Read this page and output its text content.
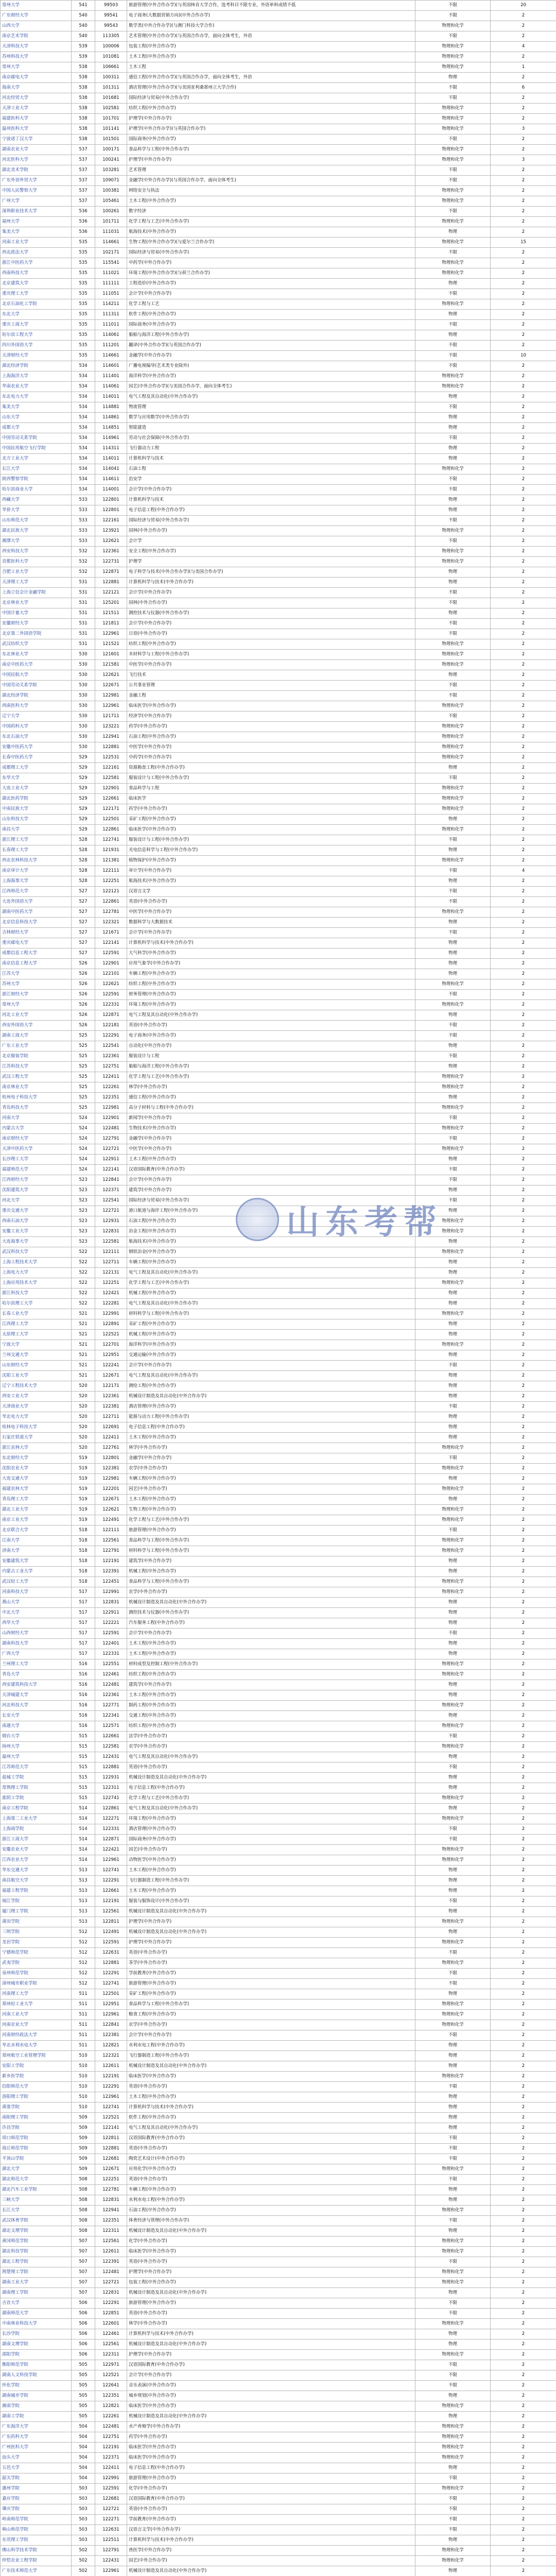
常州大学	541	99503	旅游管理(中外合作办学)(与英国林肯大学合作，选考科目不限专业，外语单科成绩不低	不限	20
广东财经大学	540	99541	电子商务(大数据营销方向)(中外合作办学)	不限	2
山西大学	540	99543	数学类(中外合作办学)(与澳门科技大学合作)	物理和化学	2
南京艺术学院	540	113305	艺术管理(中外合作办学)(与英国合作办学，面向全体考生，外语	不限	2
天津科技大学	539	100006	包装工程(中外合作办学)	物理和化学	4
苏州科技大学	539	101081	土木工程(中外合作办学)	物理和化学	2
常州大学	538	106661	土木工程	物理和化学	1
南京邮电大学	538	100311	通信工程(中外合作办学)(与英国合作办学，面向全体考生，外语	物理	2
海南大学	538	101311	酒店管理(中外合作办学)(与美国亚利桑那州立大学合作)	不限	6
河北经贸大学	538	101681	国际经济与贸易(中外合作办学)	不限	2
天津工业大学	538	102581	纺织工程(中外合作办学)	物理和化学	2
福建医科大学	538	101701	护理学(中外合作办学)	物理和化学	2
温州医科大学	538	101141	护理学(中外合作办学)(与英国合作办学)	物理和化学	3
宁波诺丁汉大学	538	101501	国际商务(中外合作办学)	不限	2
湖南农业大学	537	100171	食品科学与工程(中外合作办学)	物理和化学	2
河北医科大学	537	100241	护理学(中外合作办学)	物理和化学	3
湖北美术学院	537	103281	艺术管理	不限	2
广东外语外贸大学	537	109071	金融学(中外合作办学)(与英国合作办学，面向全体考生)	不限	2
中国人民警察大学	537	100381	网络安全与执法	物理和化学	2
广州大学	537	105461	土木工程(中外合作办学)	物理和化学	2
深圳职业技术大学	536	100261	数字经济	不限	2
福州大学	536	101711	化学工程与工艺(中外合作办学)	物理和化学	2
集美大学	536	111031	航海技术(中外合作办学)	物理	2
河南工业大学	535	114661	生物工程(中外合作办学)(与爱尔兰合作办学)	物理和化学	15
西北政法大学	535	102171	国际经济与贸易(中外合作办学)	不限	2
浙江中医药大学	535	115541	中药学(中外合作办学)	物理和化学	2
西南科技大学	535	111021	环境工程(中外合作办学)(与荷兰合作办学)	物理和化学	2
北京建筑大学	535	111111	工程造价(中外合作办学)	物理	2
重庆理工大学	535	111051	会计学(中外合作办学)	不限	2
北京石油化工学院	535	114211	化学工程与工艺	物理和化学	2
东北大学	535	111311	软件工程(中外合作办学)	物理	2
重庆工商大学	535	111011	国际商务(中外合作办学)	不限	2
哈尔滨工程大学	535	114061	船舶与海洋工程(中外合作办学)	物理	2
四川外国语大学	535	111201	翻译(中外合作办学)(与英国合作办学)	不限	2
天津财经大学	535	114661	金融学(中外合作办学)	不限	10
湖北经济学院	534	114601	广播电视编导(艺术类专业除外)	不限	2
上海海洋大学	534	111401	海洋科学(中外合作办学)	物理和化学	2
华南农业大学	534	114061	园艺(中外合作办学)(与美国合作办学，面向全体考生)	物理和化学	2
东北电力大学	534	114011	电气工程及其自动化(中外合作办学)	物理	2
集美大学	534	114881	物流管理	不限	2
山东大学	534	114861	数学与应用数学(中外合作办学)	物理	2
成都大学	534	114851	智能建造	物理	2
中国劳动关系学院	534	114961	劳动与社会保障(中外合作办学)	不限	2
中国民用航空飞行学院	534	114311	飞行器动力工程	物理	2
北方工业大学	534	114011	计算机科学与技术	物理	2
长江大学	534	114041	石油工程	物理和化学	2
陕西警察学院	534	114611	治安学	不限	2
哈尔滨商业大学	534	114001	会计学(中外合作办学)	不限	2
西藏大学	533	122801	计算机科学与技术	物理	2
华侨大学	533	122801	电子信息工程(中外合作办学)	物理	2
山东师范大学	533	122161	国际经济与贸易(中外合作办学)	不限	2
湖北民族大学	533	123921	园林(中外合作办学)	物理和化学	2
湘潭大学	533	122621	会计学	不限	2
西安科技大学	532	122361	安全工程(中外合作办学)	物理和化学	2
首都医科大学	532	122731	护理学	物理和化学	2
合肥工业大学	532	122871	电子科学与技术(中外合作办学)(与美国合作办学)	物理	2
天津理工大学	531	122881	计算机科学与技术(中外合作办学)	物理	2
上海立信会计金融学院	531	122121	会计学(中外合作办学)	不限	2
北京林业大学	531	125201	园林(中外合作办学)	不限	2
中国计量大学	531	121511	测控技术与仪器(中外合作办学)	物理	2
安徽财经大学	531	121811	会计学(中外合作办学)	不限	2
北京第二外国语学院	531	122961	日语(中外合作办学)	不限	2
武汉纺织大学	531	121521	纺织工程(中外合作办学)	物理和化学	2
东北林业大学	530	121601	木材科学与工程(中外合作办学)	物理和化学	2
南京中医药大学	530	121581	中医学(中外合作办学)	物理和化学	2
中国民航大学	530	122621	飞行技术	物理	2
中国劳动关系学院	530	122671	公共事业管理	不限	2
湖北经济学院	530	122981	金融工程	不限	2
西南医科大学	530	122961	临床医学(中外合作办学)	物理和化学	2
辽宁大学	530	121711	经济学(中外合作办学)	不限	2
中国药科大学	530	123221	药学(中外合作办学)	物理和化学	2
东北石油大学	530	122941	石油工程(中外合作办学)	物理和化学	2
安徽中医药大学	530	122881	中医学(中外合作办学)	物理和化学	2
长春中医药大学	529	122531	中药学(中外合作办学)	物理和化学	2
成都理工大学	529	122161	资源勘查工程(中外合作办学)	物理	2
东华大学	529	122581	服装设计与工程(中外合作办学)	不限	2
大连工业大学	529	122901	食品科学与工程	物理和化学	2
湖北医药学院	529	122661	临床医学	物理和化学	2
中南民族大学	529	122171	药学(中外合作办学)	物理和化学	2
山东科技大学	529	122501	采矿工程(中外合作办学)	物理	2
南昌大学	529	122861	临床医学(中外合作办学)	物理和化学	2
浙江理工大学	528	122741	服装设计与工程(中外合作办学)	不限	2
长春理工大学	528	121931	光电信息科学与工程(中外合作办学)	物理	2
西北农林科技大学	528	121381	植物保护(中外合作办学)	物理和化学	2
南京审计大学	528	122111	审计学(中外合作办学)	不限	4
上海海事大学	528	122251	航海技术(中外合作办学)	物理	2
江西师范大学	527	122121	汉语言文学	不限	2
大连外国语大学	527	122861	英语(中外合作办学)	不限	2
湖南中医药大学	527	122781	中医学(中外合作办学)	物理和化学	2
北京信息科技大学	527	122321	数据科学与大数据技术	物理	2
吉林财经大学	527	121671	会计学(中外合作办学)	不限	2
重庆邮电大学	527	122141	计算机科学与技术(中外合作办学)	物理	2
成都信息工程大学	527	122591	大气科学(中外合作办学)	物理	2
南京信息工程大学	526	122901	应用气象学(中外合作办学)	物理	2
江苏大学	526	122101	车辆工程(中外合作办学)	物理	2
苏州大学	526	122621	纺织工程(中外合作办学)	物理和化学	2
浙江财经大学	526	122591	财务管理(中外合作办学)	不限	2
常州大学	526	122331	环境工程(中外合作办学)	物理和化学	2
河北工业大学	526	122871	电气工程及其自动化(中外合作办学)	物理	2
西安外国语大学	526	122181	英语(中外合作办学)	不限	2
湖南工商大学	525	122291	电子商务(中外合作办学)	不限	2
广东工业大学	525	122541	自动化(中外合作办学)	物理	2
北京服装学院	525	122361	服装设计与工程	不限	2
江苏科技大学	525	122751	船舶与海洋工程(中外合作办学)	物理	2
武汉工程大学	525	122411	化学工程与工艺(中外合作办学)	物理和化学	2
南京林业大学	525	122261	林学(中外合作办学)	物理和化学	2
杭州电子科技大学	525	122351	通信工程(中外合作办学)	物理	2
青岛科技大学	525	122981	高分子材料与工程(中外合作办学)	物理和化学	2
河南大学	524	122901	新闻学(中外合作办学)	不限	2
内蒙古大学	524	122481	生物技术(中外合作办学)	物理和化学	2
南京财经大学	524	122791	金融学(中外合作办学)	不限	2
天津中医药大学	524	122721	中医学(中外合作办学)	物理和化学	2
长沙理工大学	524	122911	土木工程(中外合作办学)	物理	2
福建师范大学	524	122141	汉语国际教育(中外合作办学)	不限	2
江西财经大学	523	122841	会计学(中外合作办学)	不限	2
沈阳建筑大学	523	122371	建筑学(中外合作办学)	物理	2
河北大学	523	122541	国际经济与贸易(中外合作办学)	不限	2
重庆交通大学	523	122721	港口航道与海岸工程(中外合作办学)	物理	2
西南石油大学	523	122931	石油工程(中外合作办学)	物理和化学	2
安徽工业大学	523	122831	冶金工程(中外合作办学)	物理和化学	2
大连海事大学	523	122581	航海技术(中外合作办学)	物理	2
武汉科技大学	522	122111	钢铁冶金(中外合作办学)	物理和化学	2
上海工程技术大学	522	122711	车辆工程(中外合作办学)	物理	2
上海电力大学	522	122131	电气工程及其自动化(中外合作办学)	物理	2
上海应用技术大学	522	122251	化学工程与工艺(中外合作办学)	物理和化学	2
浙江科技大学	522	122421	机械工程(中外合作办学)	物理	2
哈尔滨理工大学	522	122281	电气工程及其自动化(中外合作办学)	物理	2
长春工业大学	521	122991	材料科学与工程(中外合作办学)	物理和化学	2
江西理工大学	521	122891	采矿工程(中外合作办学)	物理	2
太原理工大学	521	122521	机械工程(中外合作办学)	物理	2
宁波大学	521	122701	海洋科学(中外合作办学)	物理和化学	2
兰州交通大学	521	122951	交通运输(中外合作办学)	物理	2
山东财经大学	521	122241	会计学(中外合作办学)	不限	2
沈阳工业大学	521	122671	电气工程及其自动化(中外合作办学)	物理	2
辽宁工程技术大学	520	122171	测绘工程(中外合作办学)	物理	2
西安工业大学	520	122361	机械设计制造及其自动化(中外合作办学)	物理	2
天津商业大学	520	122381	酒店管理(中外合作办学)	不限	2
华北电力大学	520	122711	能源与动力工程(中外合作办学)	物理	2
桂林电子科技大学	520	122691	电子信息工程(中外合作办学)	物理	2
石家庄铁道大学	520	122411	土木工程(中外合作办学)	物理	2
浙江农林大学	520	122761	林学(中外合作办学)	物理和化学	2
东北财经大学	519	122801	金融学(中外合作办学)	不限	2
沈阳农业大学	519	122381	农学(中外合作办学)	物理和化学	2
大连交通大学	519	122981	车辆工程(中外合作办学)	物理	2
福建农林大学	519	122201	园艺(中外合作办学)	物理和化学	2
青岛理工大学	519	122671	土木工程(中外合作办学)	物理	2
湖北工业大学	519	122621	生物工程(中外合作办学)	物理和化学	2
南京工业大学	519	122491	化学工程与工艺(中外合作办学)	物理和化学	2
北京联合大学	518	122111	旅游管理(中外合作办学)	不限	2
江南大学	518	122561	食品科学与工程(中外合作办学)	物理和化学	2
济南大学	518	122791	材料科学与工程(中外合作办学)	物理和化学	2
安徽建筑大学	518	122191	建筑学(中外合作办学)	物理	2
内蒙古工业大学	518	122391	机械工程(中外合作办学)	物理	2
武汉轻工大学	518	122451	食品科学与工程(中外合作办学)	物理和化学	2
河南科技大学	517	122991	农学(中外合作办学)	物理和化学	2
燕山大学	517	122831	机械设计制造及其自动化(中外合作办学)	物理	2
中北大学	517	122911	测控技术与仪器(中外合作办学)	物理	2
西华大学	517	122221	汽车服务工程(中外合作办学)	物理	2
山西财经大学	517	122591	会计学(中外合作办学)	不限	2
湖南科技大学	517	122401	土木工程(中外合作办学)	物理	2
广西大学	517	122331	土木工程(中外合作办学)	物理	2
兰州理工大学	516	122551	材料成型及控制工程(中外合作办学)	物理和化学	2
青岛大学	516	122461	纺织工程(中外合作办学)	物理和化学	2
西安建筑科技大学	516	122481	建筑学(中外合作办学)	物理	2
天津城建大学	516	122361	土木工程(中外合作办学)	物理	2
河北科技大学	516	122771	制药工程(中外合作办学)	物理和化学	2
长安大学	516	122341	交通工程(中外合作办学)	物理	2
南通大学	516	122571	纺织工程(中外合作办学)	物理和化学	2
烟台大学	515	122661	法学(中外合作办学)	不限	2
扬州大学	515	122581	农学(中外合作办学)	物理和化学	2
温州大学	515	122431	电气工程及其自动化(中外合作办学)	物理	2
江苏师范大学	515	122881	英语(中外合作办学)	不限	2
盐城工学院	515	122931	机械设计制造及其自动化(中外合作办学)	物理	2
常熟理工学院	515	122311	电子信息工程(中外合作办学)	物理	2
淮阴工学院	515	122741	化学工程与工艺(中外合作办学)	物理和化学	2
南京工程学院	514	122861	电气工程及其自动化(中外合作办学)	物理	2
上海第二工业大学	514	122271	环境工程(中外合作办学)	物理和化学	2
上海商学院	514	122331	酒店管理(中外合作办学)	不限	2
浙江工商大学	514	122871	国际商务(中外合作办学)	不限	2
安徽农业大学	514	122421	园艺(中外合作办学)	物理和化学	2
江西农业大学	514	122961	动物医学(中外合作办学)	物理和化学	2
华东交通大学	513	122741	土木工程(中外合作办学)	物理	2
南昌航空大学	513	122291	飞行器制造工程(中外合作办学)	物理	2
福建工程学院	513	122661	土木工程(中外合作办学)	物理	2
闽江学院	513	122191	服装与服饰设计(中外合作办学)	不限	2
厦门理工学院	513	122561	机械设计制造及其自动化(中外合作办学)	物理	2
莆田学院	513	122811	护理学(中外合作办学)	物理和化学	2
三明学院	512	122491	机械设计制造及其自动化(中外合作办学)	物理	2
龙岩学院	512	122591	护理学(中外合作办学)	物理和化学	2
宁德师范学院	512	122631	英语(中外合作办学)	不限	2
武夷学院	512	122881	茶学(中外合作办学)	物理和化学	2
泉州师范学院	512	122291	学前教育(中外合作办学)	不限	2
漳州城市职业学院	512	122741	旅游管理(中外合作办学)	不限	2
河南理工大学	511	122501	采矿工程(中外合作办学)	物理	2
郑州轻工业大学	511	122951	食品科学与工程(中外合作办学)	物理和化学	2
河南工业大学	511	122961	粮食工程(中外合作办学)	物理和化学	2
河南农业大学	511	122841	农学(中外合作办学)	物理和化学	2
河南财经政法大学	511	122381	会计学(中外合作办学)	不限	2
华北水利水电大学	511	122821	水利水电工程(中外合作办学)	物理	2
郑州航空工业管理学院	510	122321	飞行器制造工程(中外合作办学)	物理	2
安阳工学院	510	122611	机械设计制造及其自动化(中外合作办学)	物理	2
新乡医学院	510	122191	临床医学(中外合作办学)	物理和化学	2
信阳师范大学	510	122291	英语(中外合作办学)	不限	2
洛阳理工学院	510	122961	土木工程(中外合作办学)	物理	2
黄淮学院	510	122741	计算机科学与技术(中外合作办学)	物理	2
南阳理工学院	509	122521	软件工程(中外合作办学)	物理	2
许昌学院	509	122141	电气工程及其自动化(中外合作办学)	物理	2
周口师范学院	509	122811	汉语国际教育(中外合作办学)	不限	2
商丘师范学院	509	122881	英语(中外合作办学)	不限	2
平顶山学院	509	122681	陶瓷艺术设计(中外合作办学)	不限	2
湖北大学	509	122671	应用化学(中外合作办学)	物理和化学	2
湖北师范大学	508	122251	英语(中外合作办学)	不限	2
湖北汽车工业学院	508	122781	车辆工程(中外合作办学)	物理	2
三峡大学	508	122831	水利水电工程(中外合作办学)	物理	2
长江大学	508	122941	石油工程(中外合作办学)	物理和化学	2
武汉体育学院	508	122351	体育经济与管理(中外合作办学)	不限	2
湖北文理学院	508	122311	机械设计制造及其自动化(中外合作办学)	物理	2
黄冈师范学院	507	122561	化学(中外合作办学)	物理和化学	2
湖北科技学院	507	122611	临床医学(中外合作办学)	物理和化学	2
湖北工程学院	507	122391	英语(中外合作办学)	不限	2
荆楚理工学院	507	122481	护理学(中外合作办学)	物理和化学	2
湖南工业大学	507	122721	包装工程(中外合作办学)	物理和化学	2
湖南理工学院	507	122831	机械设计制造及其自动化(中外合作办学)	物理	2
吉首大学	506	122291	旅游管理(中外合作办学)	不限	2
湖南师范大学	506	122851	英语(中外合作办学)	不限	2
中南林业科技大学	506	122601	林学(中外合作办学)	物理和化学	2
长沙学院	506	122461	计算机科学与技术(中外合作办学)	物理	2
湖南文理学院	506	122561	机械设计制造及其自动化(中外合作办学)	物理	2
邵阳学院	506	122311	护理学(中外合作办学)	物理和化学	2
衡阳师范学院	505	122971	汉语国际教育(中外合作办学)	不限	2
湖南人文科技学院	505	122521	会计学(中外合作办学)	不限	2
怀化学院	505	122641	音乐表演(中外合作办学)	不限	2
湖南城市学院	505	122351	城乡规划(中外合作办学)	物理	2
湘南学院	505	122821	临床医学(中外合作办学)	物理和化学	2
湖南工学院	505	122261	机械设计制造及其自动化(中外合作办学)	物理	2
广东海洋大学	504	122481	水产养殖学(中外合作办学)	物理和化学	2
广东药科大学	504	122751	药学(中外合作办学)	物理和化学	2
广州医科大学	504	122191	临床医学(中外合作办学)	物理和化学	2
汕头大学	504	122371	临床医学(中外合作办学)	物理和化学	2
五邑大学	504	122411	电子信息工程(中外合作办学)	物理	2
韶关学院	504	122991	旅游管理(中外合作办学)	不限	2
惠州学院	503	122591	化学(中外合作办学)	物理和化学	2
嘉应学院	503	122681	汉语国际教育(中外合作办学)	不限	2
肇庆学院	503	122721	英语(中外合作办学)	不限	2
岭南师范学院	503	122271	学前教育(中外合作办学)	不限	2
韩山师范学院	503	122631	汉语言文学(中外合作办学)	不限	2
东莞理工学院	503	122511	计算机科学与技术(中外合作办学)	物理	2
佛山科学技术学院	502	122791	兽医学(中外合作办学)	物理和化学	2
仲恺农业工程学院	502	122431	园艺(中外合作办学)	物理和化学	2
广东技术师范大学	502	122961	机械设计制造及其自动化(中外合作办学)	物理	2

山东考帮
